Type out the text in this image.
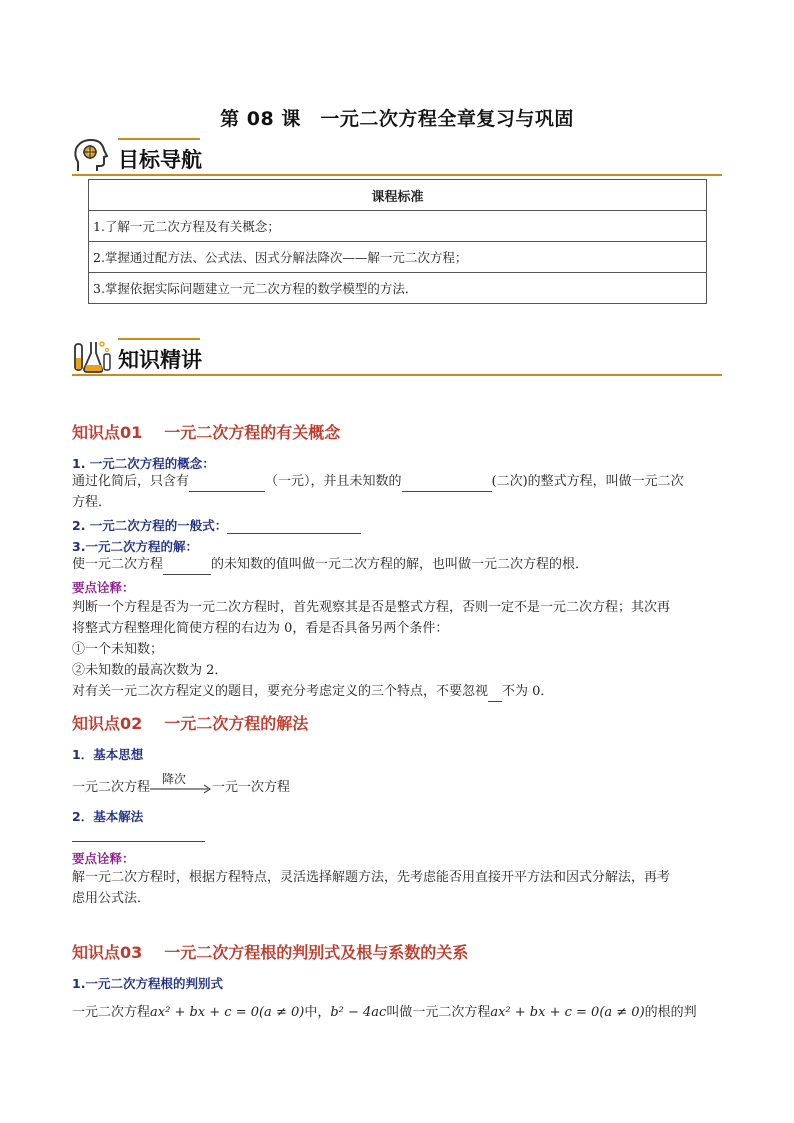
第 08 课　一元二次方程全章复习与巩固
目标导航
课程标准
1.了解一元二次方程及有关概念；
2.掌握通过配方法、公式法、因式分解法降次——解一元二次方程；
3.掌握依据实际问题建立一元二次方程的数学模型的方法．
知识精讲
知识点01 一元二次方程的有关概念
1. 一元二次方程的概念：
通过化简后，只含有	（一元），并且未知数的	(二次)的整式方程，叫做一元二次
方程．
2. 一元二次方程的一般式：
3.一元二次方程的解：
使一元二次方程	的未知数的值叫做一元二次方程的解，也叫做一元二次方程的根．
要点诠释：
判断一个方程是否为一元二次方程时，首先观察其是否是整式方程，否则一定不是一元二次方程；其次再
将整式方程整理化简使方程的右边为 0，看是否具备另两个条件：
①一个未知数；
②未知数的最高次数为 2．
对有关一元二次方程定义的题目，要充分考虑定义的三个特点，不要忽视 不为 0．
知识点02 一元二次方程的解法
1．基本思想
一元二次方程
降次
一元一次方程
2．基本解法
要点诠释：
解一元二次方程时，根据方程特点，灵活选择解题方法，先考虑能否用直接开平方法和因式分解法，再考
虑用公式法．
知识点03 一元二次方程根的判别式及根与系数的关系
1.一元二次方程根的判别式
一元二次方程ax² + bx + c = 0(a ≠ 0)中，b² − 4ac叫做一元二次方程ax² + bx + c = 0(a ≠ 0)的根的判
